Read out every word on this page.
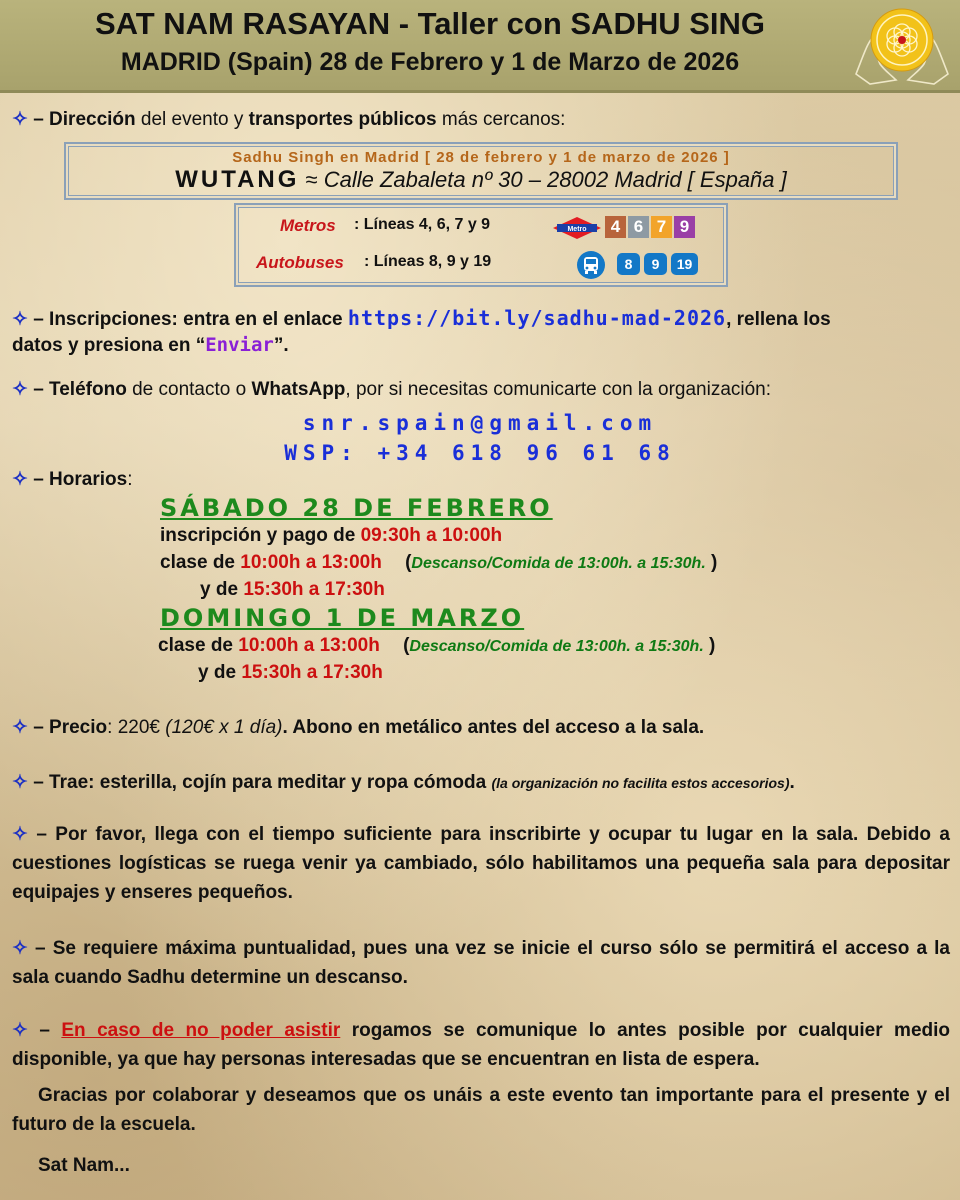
SAT NAM RASAYAN - Taller con SADHU SING
MADRID (Spain) 28 de Febrero y 1 de Marzo de 2026
✧ – Dirección del evento y transportes públicos más cercanos:
Sadhu Singh en Madrid [ 28 de febrero y 1 de marzo de 2026 ]
WUTANG ≈ Calle Zabaleta nº 30 – 28002 Madrid [ España ]
Metros : Líneas 4, 6, 7 y 9	Metro	4 6 7 9
Autobuses : Líneas 8, 9 y 19	8	9	19
✧ – Inscripciones: entra en el enlace https://bit.ly/sadhu-mad-2026, rellena los
datos y presiona en “Enviar”.
✧ – Teléfono de contacto o WhatsApp, por si necesitas comunicarte con la organización:
snr.spain@gmail.com
WSP: +34 618 96 61 68
✧ – Horarios:
SÁBADO 28 DE FEBRERO
inscripción y pago de 09:30h a 10:00h
clase de 10:00h a 13:00h (Descanso/Comida de 13:00h. a 15:30h. )
y de 15:30h a 17:30h
DOMINGO 1 DE MARZO
clase de 10:00h a 13:00h (Descanso/Comida de 13:00h. a 15:30h. )
y de 15:30h a 17:30h
✧ – Precio: 220€ (120€ x 1 día). Abono en metálico antes del acceso a la sala.
✧ – Trae: esterilla, cojín para meditar y ropa cómoda (la organización no facilita estos accesorios).
✧ – Por favor, llega con el tiempo suficiente para inscribirte y ocupar tu lugar en la sala. Debido a cuestiones logísticas se ruega venir ya cambiado, sólo habilitamos una pequeña sala para depositar equipajes y enseres pequeños.
✧ – Se requiere máxima puntualidad, pues una vez se inicie el curso sólo se permitirá el acceso a la sala cuando Sadhu determine un descanso.
✧ – En caso de no poder asistir rogamos se comunique lo antes posible por cualquier medio disponible, ya que hay personas interesadas que se encuentran en lista de espera.
Gracias por colaborar y deseamos que os unáis a este evento tan importante para el presente y el futuro de la escuela.
Sat Nam...
